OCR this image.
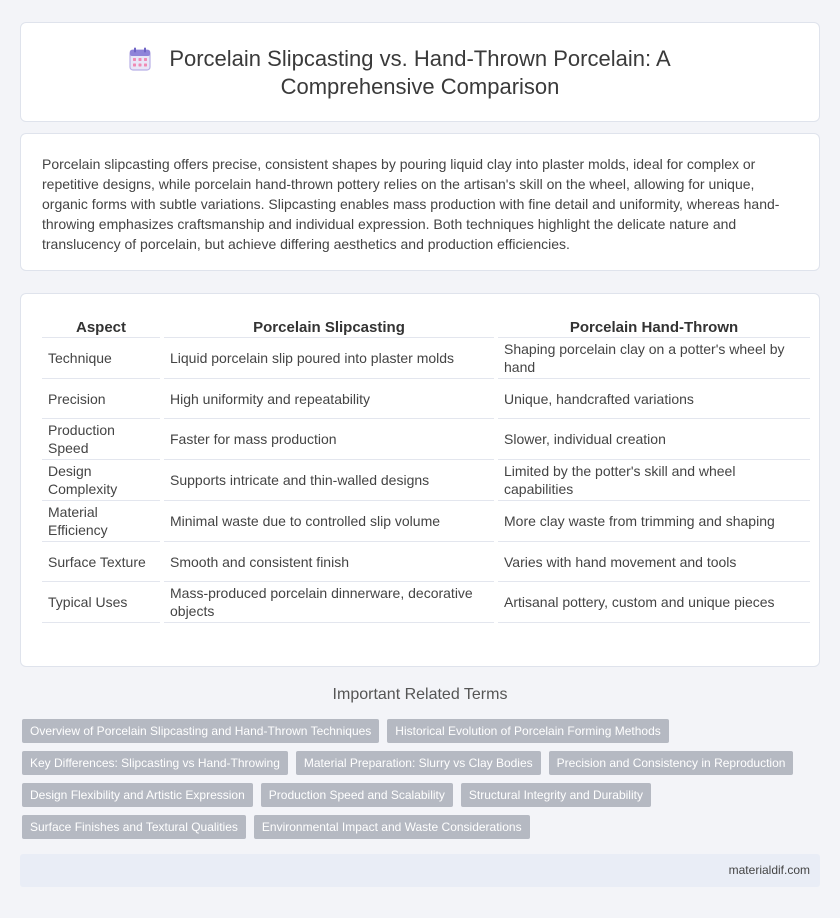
Porcelain Slipcasting vs. Hand-Thrown Porcelain: A Comprehensive Comparison

Porcelain slipcasting offers precise, consistent shapes by pouring liquid clay into plaster molds, ideal for complex or repetitive designs, while porcelain hand-thrown pottery relies on the artisan's skill on the wheel, allowing for unique, organic forms with subtle variations. Slipcasting enables mass production with fine detail and uniformity, whereas hand-throwing emphasizes craftsmanship and individual expression. Both techniques highlight the delicate nature and translucency of porcelain, but achieve differing aesthetics and production efficiencies.

Aspect	Porcelain Slipcasting	Porcelain Hand-Thrown
Technique	Liquid porcelain slip poured into plaster molds	Shaping porcelain clay on a potter's wheel by hand
Precision	High uniformity and repeatability	Unique, handcrafted variations
Production Speed	Faster for mass production	Slower, individual creation
Design Complexity	Supports intricate and thin-walled designs	Limited by the potter's skill and wheel capabilities
Material Efficiency	Minimal waste due to controlled slip volume	More clay waste from trimming and shaping
Surface Texture	Smooth and consistent finish	Varies with hand movement and tools
Typical Uses	Mass-produced porcelain dinnerware, decorative objects	Artisanal pottery, custom and unique pieces
Important Related Terms
Overview of Porcelain Slipcasting and Hand-Thrown Techniques	Historical Evolution of Porcelain Forming Methods
Key Differences: Slipcasting vs Hand-Throwing	Material Preparation: Slurry vs Clay Bodies	Precision and Consistency in Reproduction
Design Flexibility and Artistic Expression	Production Speed and Scalability	Structural Integrity and Durability
Surface Finishes and Textural Qualities	Environmental Impact and Waste Considerations
materialdif.com
